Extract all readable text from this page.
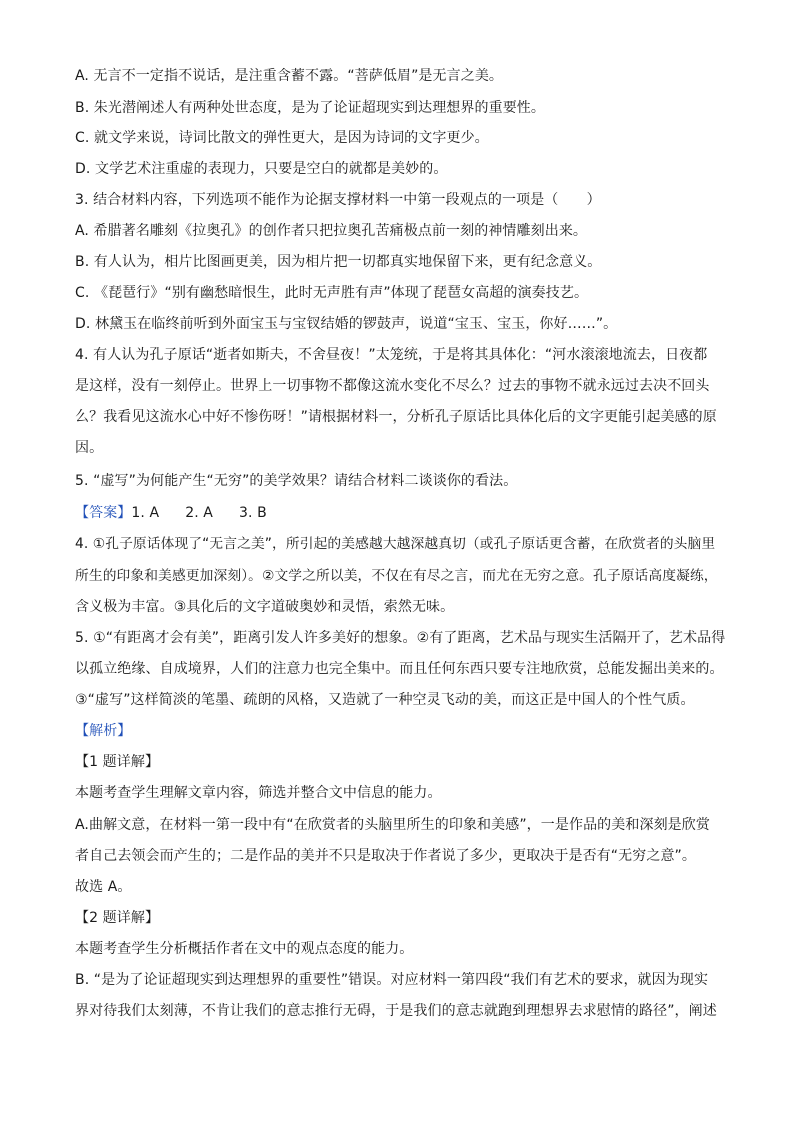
A. 无言不一定指不说话，是注重含蓄不露。“菩萨低眉”是无言之美。
B. 朱光潜阐述人有两种处世态度，是为了论证超现实到达理想界的重要性。
C. 就文学来说，诗词比散文的弹性更大，是因为诗词的文字更少。
D. 文学艺术注重虚的表现力，只要是空白的就都是美妙的。
3. 结合材料内容，下列选项不能作为论据支撑材料一中第一段观点的一项是（　　）
A. 希腊著名雕刻《拉奥孔》的创作者只把拉奥孔苦痛极点前一刻的神情雕刻出来。
B. 有人认为，相片比图画更美，因为相片把一切都真实地保留下来，更有纪念意义。
C. 《琵琶行》“别有幽愁暗恨生，此时无声胜有声”体现了琵琶女高超的演奏技艺。
D. 林黛玉在临终前听到外面宝玉与宝钗结婚的锣鼓声，说道“宝玉、宝玉，你好……”。
4. 有人认为孔子原话“逝者如斯夫，不舍昼夜！”太笼统，于是将其具体化：“河水滚滚地流去，日夜都
是这样，没有一刻停止。世界上一切事物不都像这流水变化不尽么？过去的事物不就永远过去决不回头
么？我看见这流水心中好不惨伤呀！”请根据材料一，分析孔子原话比具体化后的文字更能引起美感的原
因。
5. “虚写”为何能产生“无穷”的美学效果？请结合材料二谈谈你的看法。
【答案】1. A 2. A 3. B
4. ①孔子原话体现了“无言之美”，所引起的美感越大越深越真切（或孔子原话更含蓄，在欣赏者的头脑里
所生的印象和美感更加深刻）。②文学之所以美，不仅在有尽之言，而尤在无穷之意。孔子原话高度凝练，
含义极为丰富。③具化后的文字道破奥妙和灵悟，索然无味。
5. ①“有距离才会有美”，距离引发人许多美好的想象。②有了距离，艺术品与现实生活隔开了，艺术品得
以孤立绝缘、自成境界，人们的注意力也完全集中。而且任何东西只要专注地欣赏，总能发掘出美来的。
③“虚写”这样简淡的笔墨、疏朗的风格，又造就了一种空灵飞动的美，而这正是中国人的个性气质。
【解析】
【1 题详解】
本题考查学生理解文章内容，筛选并整合文中信息的能力。
A.曲解文意，在材料一第一段中有“在欣赏者的头脑里所生的印象和美感”，一是作品的美和深刻是欣赏
者自己去领会而产生的；二是作品的美并不只是取决于作者说了多少，更取决于是否有“无穷之意”。
故选 A。
【2 题详解】
本题考查学生分析概括作者在文中的观点态度的能力。
B. “是为了论证超现实到达理想界的重要性”错误。对应材料一第四段“我们有艺术的要求，就因为现实
界对待我们太刻薄，不肯让我们的意志推行无碍，于是我们的意志就跑到理想界去求慰情的路径”，阐述
